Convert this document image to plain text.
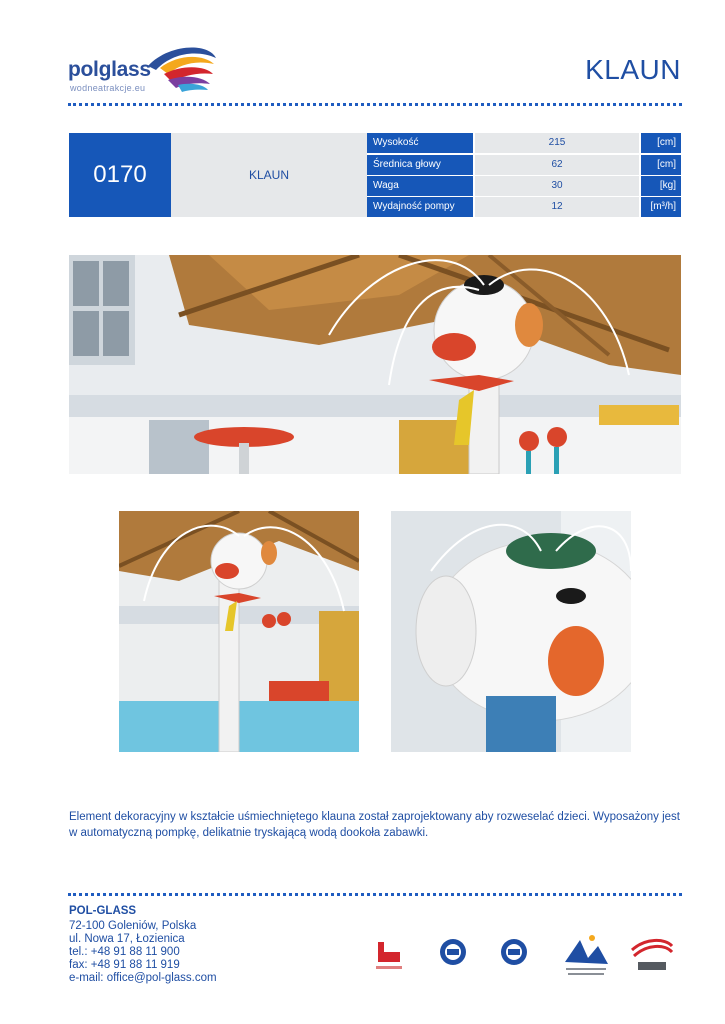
polglass
wodneatrakcje.eu
KLAUN
0170	KLAUN
Wysokość	215	[cm]
Średnica głowy	62	[cm]
Waga	30	[kg]
Wydajność pompy	12	[m³/h]
Element dekoracyjny w kształcie uśmiechniętego klauna został zaprojektowany aby rozweselać dzieci. Wyposażony jest w automatyczną pompkę, delikatnie tryskającą wodą dookoła zabawki.
POL-GLASS
72-100 Goleniów, Polska
ul. Nowa 17, Łozienica
tel.: +48 91 88 11 900
fax: +48 91 88 11 919
e-mail: office@pol-glass.com
